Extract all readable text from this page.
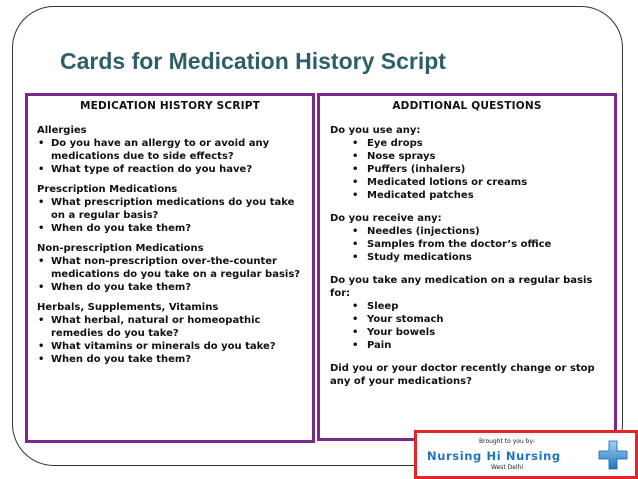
Cards for Medication History Script
MEDICATION HISTORY SCRIPT
Allergies
• Do you have an allergy to or avoid any medications due to side effects?
• What type of reaction do you have?
Prescription Medications
• What prescription medications do you take on a regular basis?
• When do you take them?
Non-prescription Medications
• What non-prescription over-the-counter medications do you take on a regular basis?
• When do you take them?
Herbals, Supplements, Vitamins
• What herbal, natural or homeopathic remedies do you take?
• What vitamins or minerals do you take?
• When do you take them?
ADDITIONAL QUESTIONS
Do you use any:
• Eye drops
• Nose sprays
• Puffers (inhalers)
• Medicated lotions or creams
• Medicated patches
Do you receive any:
• Needles (injections)
• Samples from the doctor’s office
• Study medications
Do you take any medication on a regular basis for:
• Sleep
• Your stomach
• Your bowels
• Pain
Did you or your doctor recently change or stop any of your medications?
Brought to you by-
Nursing Hi Nursing
West Delhi
